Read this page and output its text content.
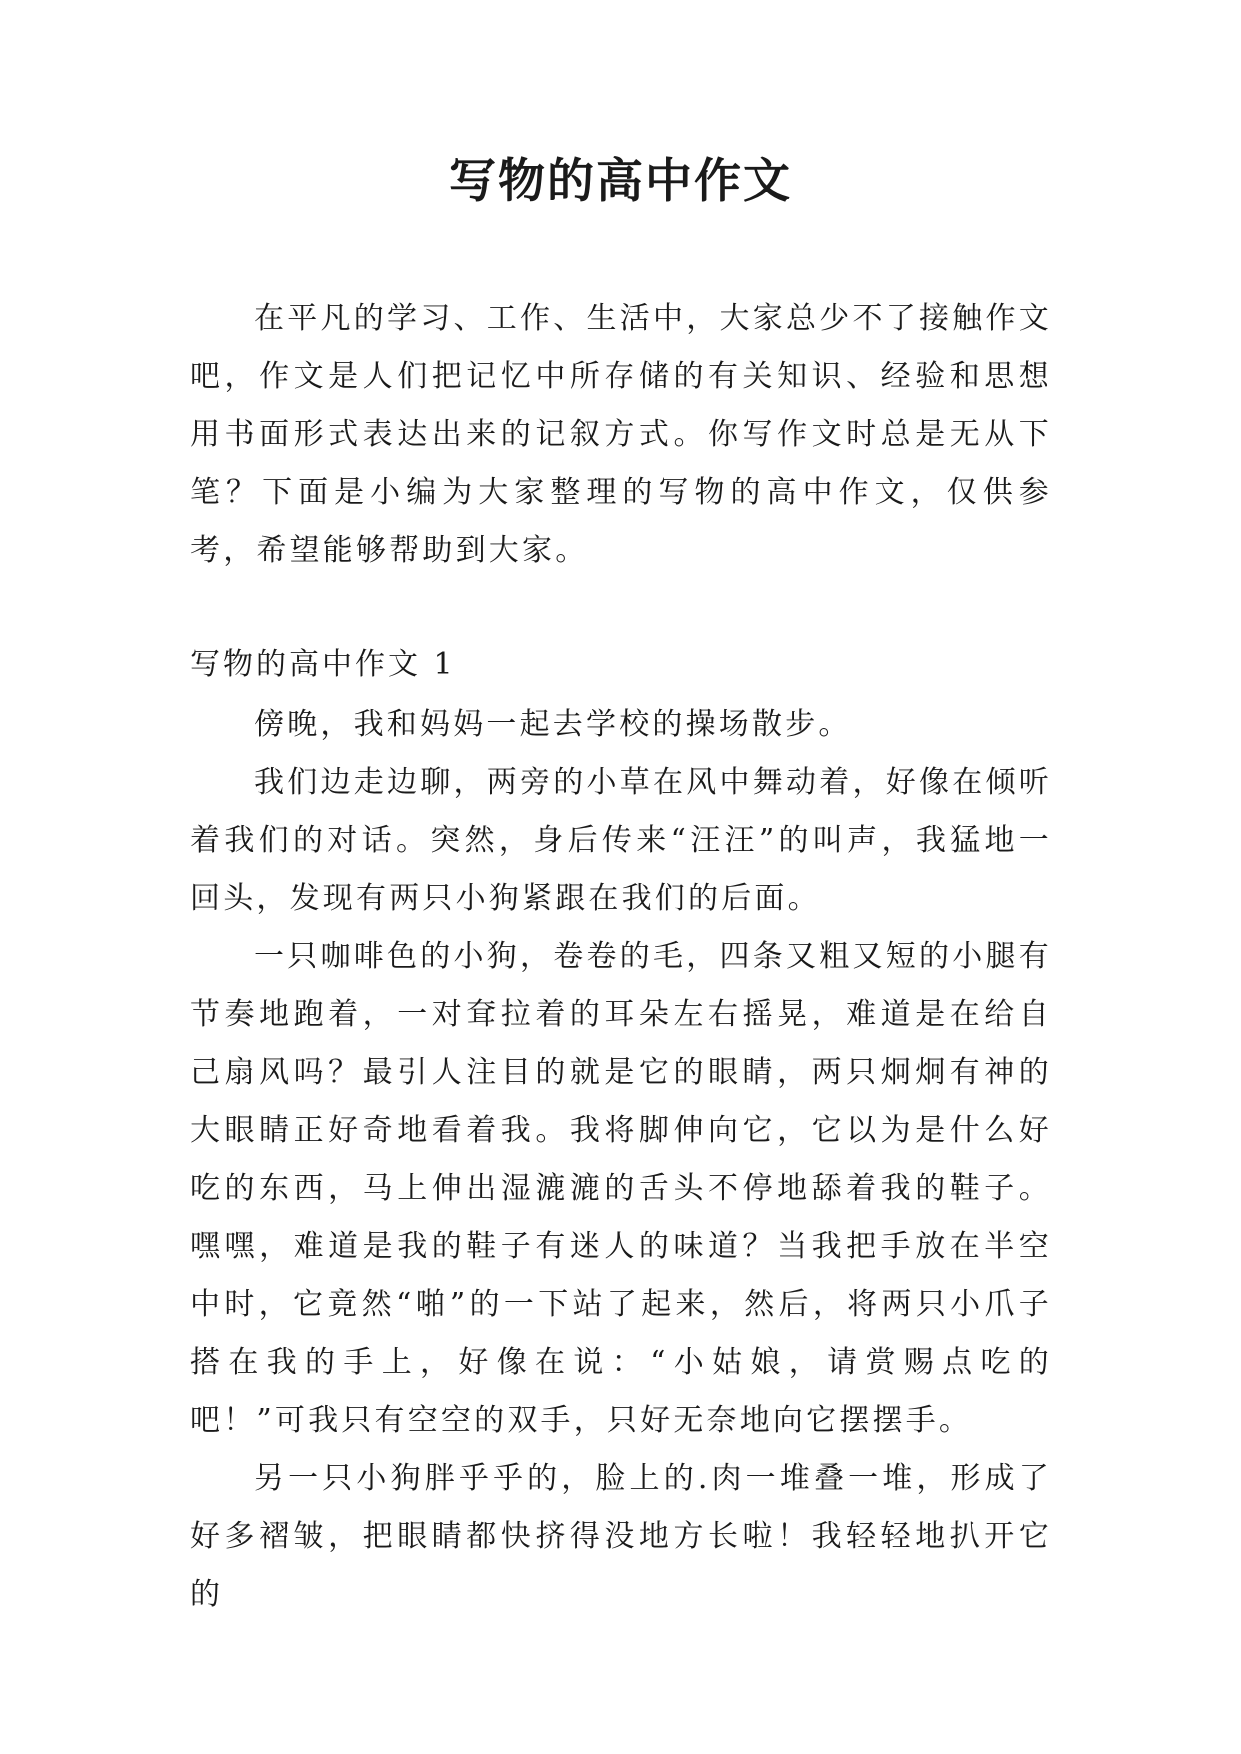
写物的高中作文

在平凡的学习、工作、生活中，大家总少不了接触作文吧，作文是人们把记忆中所存储的有关知识、经验和思想用书面形式表达出来的记叙方式。你写作文时总是无从下笔？下面是小编为大家整理的写物的高中作文，仅供参考，希望能够帮助到大家。

写物的高中作文 1

傍晚，我和妈妈一起去学校的操场散步。

我们边走边聊，两旁的小草在风中舞动着，好像在倾听着我们的对话。突然，身后传来“汪汪”的叫声，我猛地一回头，发现有两只小狗紧跟在我们的后面。

一只咖啡色的小狗，卷卷的毛，四条又粗又短的小腿有节奏地跑着，一对耷拉着的耳朵左右摇晃，难道是在给自己扇风吗？最引人注目的就是它的眼睛，两只炯炯有神的大眼睛正好奇地看着我。我将脚伸向它，它以为是什么好吃的东西，马上伸出湿漉漉的舌头不停地舔着我的鞋子。嘿嘿，难道是我的鞋子有迷人的味道？当我把手放在半空中时，它竟然“啪”的一下站了起来，然后，将两只小爪子搭在我的手上，好像在说：“小姑娘，请赏赐点吃的吧！”可我只有空空的双手，只好无奈地向它摆摆手。

另一只小狗胖乎乎的，脸上的.肉一堆叠一堆，形成了好多褶皱，把眼睛都快挤得没地方长啦！我轻轻地扒开它的
